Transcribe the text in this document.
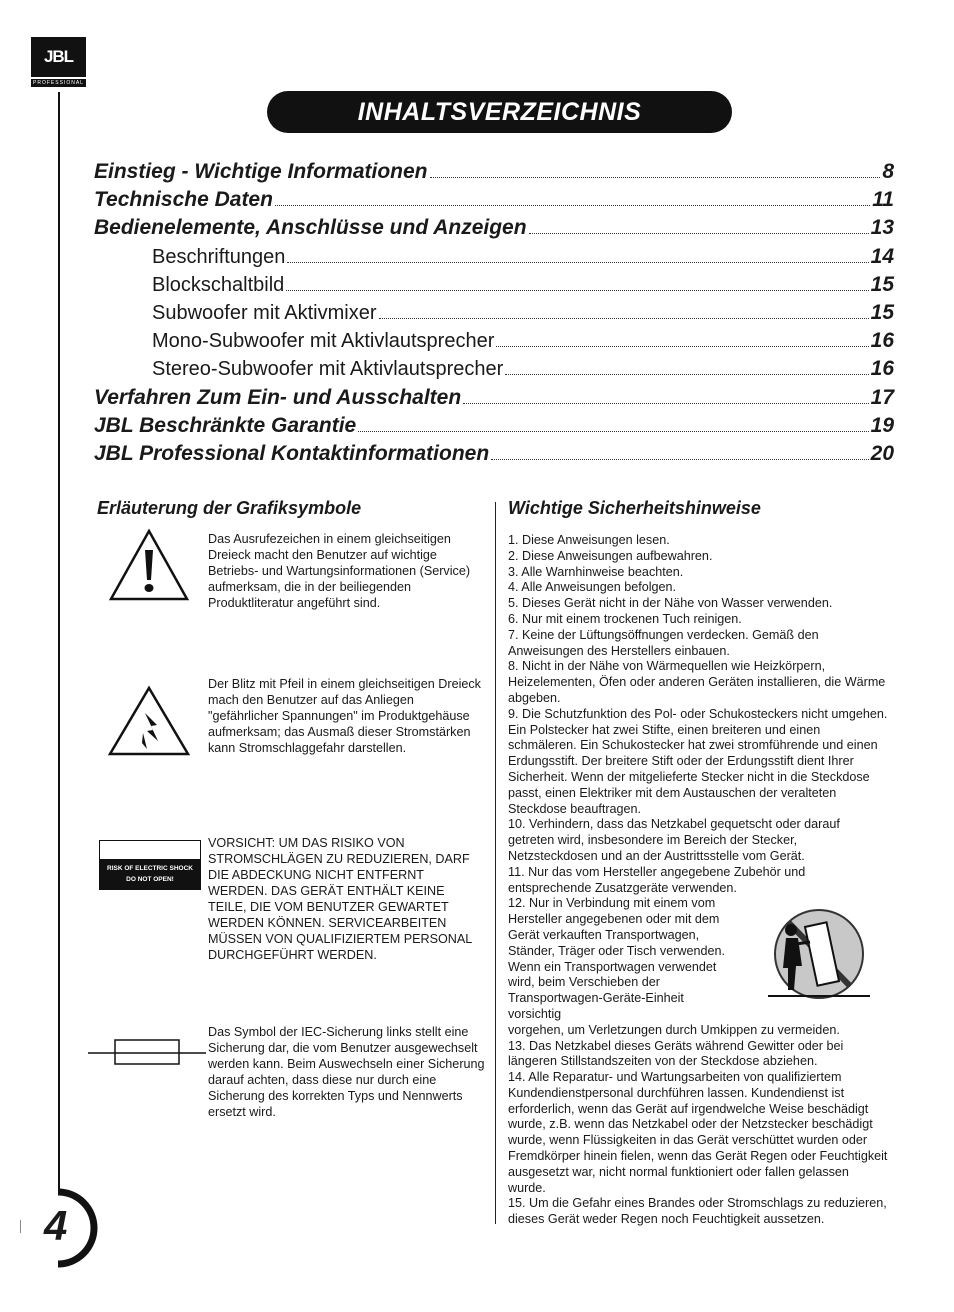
JBL
PROFESSIONAL
4
INHALTSVERZEICHNIS
Einstieg - Wichtige Informationen	8
Technische Daten	11
Bedienelemente, Anschlüsse und Anzeigen	13
Beschriftungen	14
Blockschaltbild	15
Subwoofer mit Aktivmixer	15
Mono-Subwoofer mit Aktivlautsprecher	16
Stereo-Subwoofer mit Aktivlautsprecher	16
Verfahren Zum Ein- und Ausschalten	17
JBL Beschränkte Garantie	19
JBL Professional Kontaktinformationen	20
Erläuterung der Grafiksymbole	Wichtige Sicherheitshinweise
Das Ausrufezeichen in einem gleichseitigen Dreieck macht den Benutzer auf wichtige Betriebs- und Wartungsinformationen (Service) aufmerksam, die in der beiliegenden Produktliteratur angeführt sind.
Der Blitz mit Pfeil in einem gleichseitigen Dreieck mach den Benutzer auf das Anliegen "gefährlicher Spannungen" im Produktgehäuse aufmerksam; das Ausmaß dieser Stromstärken kann Stromschlaggefahr darstellen.
RISK OF ELECTRIC SHOCK
DO NOT OPEN!
VORSICHT: UM DAS RISIKO VON STROMSCHLÄGEN ZU REDUZIEREN, DARF DIE ABDECKUNG NICHT ENTFERNT WERDEN. DAS GERÄT ENTHÄLT KEINE TEILE, DIE VOM BENUTZER GEWARTET WERDEN KÖNNEN. SERVICEARBEITEN MÜSSEN VON QUALIFIZIERTEM PERSONAL DURCHGEFÜHRT WERDEN.
Das Symbol der IEC-Sicherung links stellt eine Sicherung dar, die vom Benutzer ausgewechselt werden kann. Beim Auswechseln einer Sicherung darauf achten, dass diese nur durch eine Sicherung des korrekten Typs und Nennwerts ersetzt wird.

1. Diese Anweisungen lesen.

2. Diese Anweisungen aufbewahren.

3. Alle Warnhinweise beachten.

4. Alle Anweisungen befolgen.

5. Dieses Gerät nicht in der Nähe von Wasser verwenden.

6. Nur mit einem trockenen Tuch reinigen.

7. Keine der Lüftungsöffnungen verdecken. Gemäß den Anweisungen des Herstellers einbauen.

8. Nicht in der Nähe von Wärmequellen wie Heizkörpern, Heizelementen, Öfen oder anderen Geräten installieren, die Wärme abgeben.

9. Die Schutzfunktion des Pol- oder Schukosteckers nicht umgehen. Ein Polstecker hat zwei Stifte, einen breiteren und einen schmäleren. Ein Schukostecker hat zwei stromführende und einen Erdungsstift. Der breitere Stift oder der Erdungsstift dient Ihrer Sicherheit. Wenn der mitgelieferte Stecker nicht in die Steckdose passt, einen Elektriker mit dem Austauschen der veralteten Steckdose beauftragen.

10. Verhindern, dass das Netzkabel gequetscht oder darauf getreten wird, insbesondere im Bereich der Stecker, Netzsteckdosen und an der Austrittsstelle vom Gerät.

11. Nur das vom Hersteller angegebene Zubehör und entsprechende Zusatzgeräte verwenden.

12. Nur in Verbindung mit einem vom Hersteller angegebenen oder mit dem Gerät verkauften Transportwagen, Ständer, Träger oder Tisch verwenden. Wenn ein Transportwagen verwendet wird, beim Verschieben der Transportwagen-Geräte-Einheit vorsichtig

vorgehen, um Verletzungen durch Umkippen zu vermeiden.

13. Das Netzkabel dieses Geräts während Gewitter oder bei längeren Stillstandszeiten von der Steckdose abziehen.

14. Alle Reparatur- und Wartungsarbeiten von qualifiziertem Kundendienstpersonal durchführen lassen. Kundendienst ist erforderlich, wenn das Gerät auf irgendwelche Weise beschädigt wurde, z.B. wenn das Netzkabel oder der Netzstecker beschädigt wurde, wenn Flüssigkeiten in das Gerät verschüttet wurden oder Fremdkörper hinein fielen, wenn das Gerät Regen oder Feuchtigkeit ausgesetzt war, nicht normal funktioniert oder fallen gelassen wurde.

15. Um die Gefahr eines Brandes oder Stromschlags zu reduzieren, dieses Gerät weder Regen noch Feuchtigkeit aussetzen.
